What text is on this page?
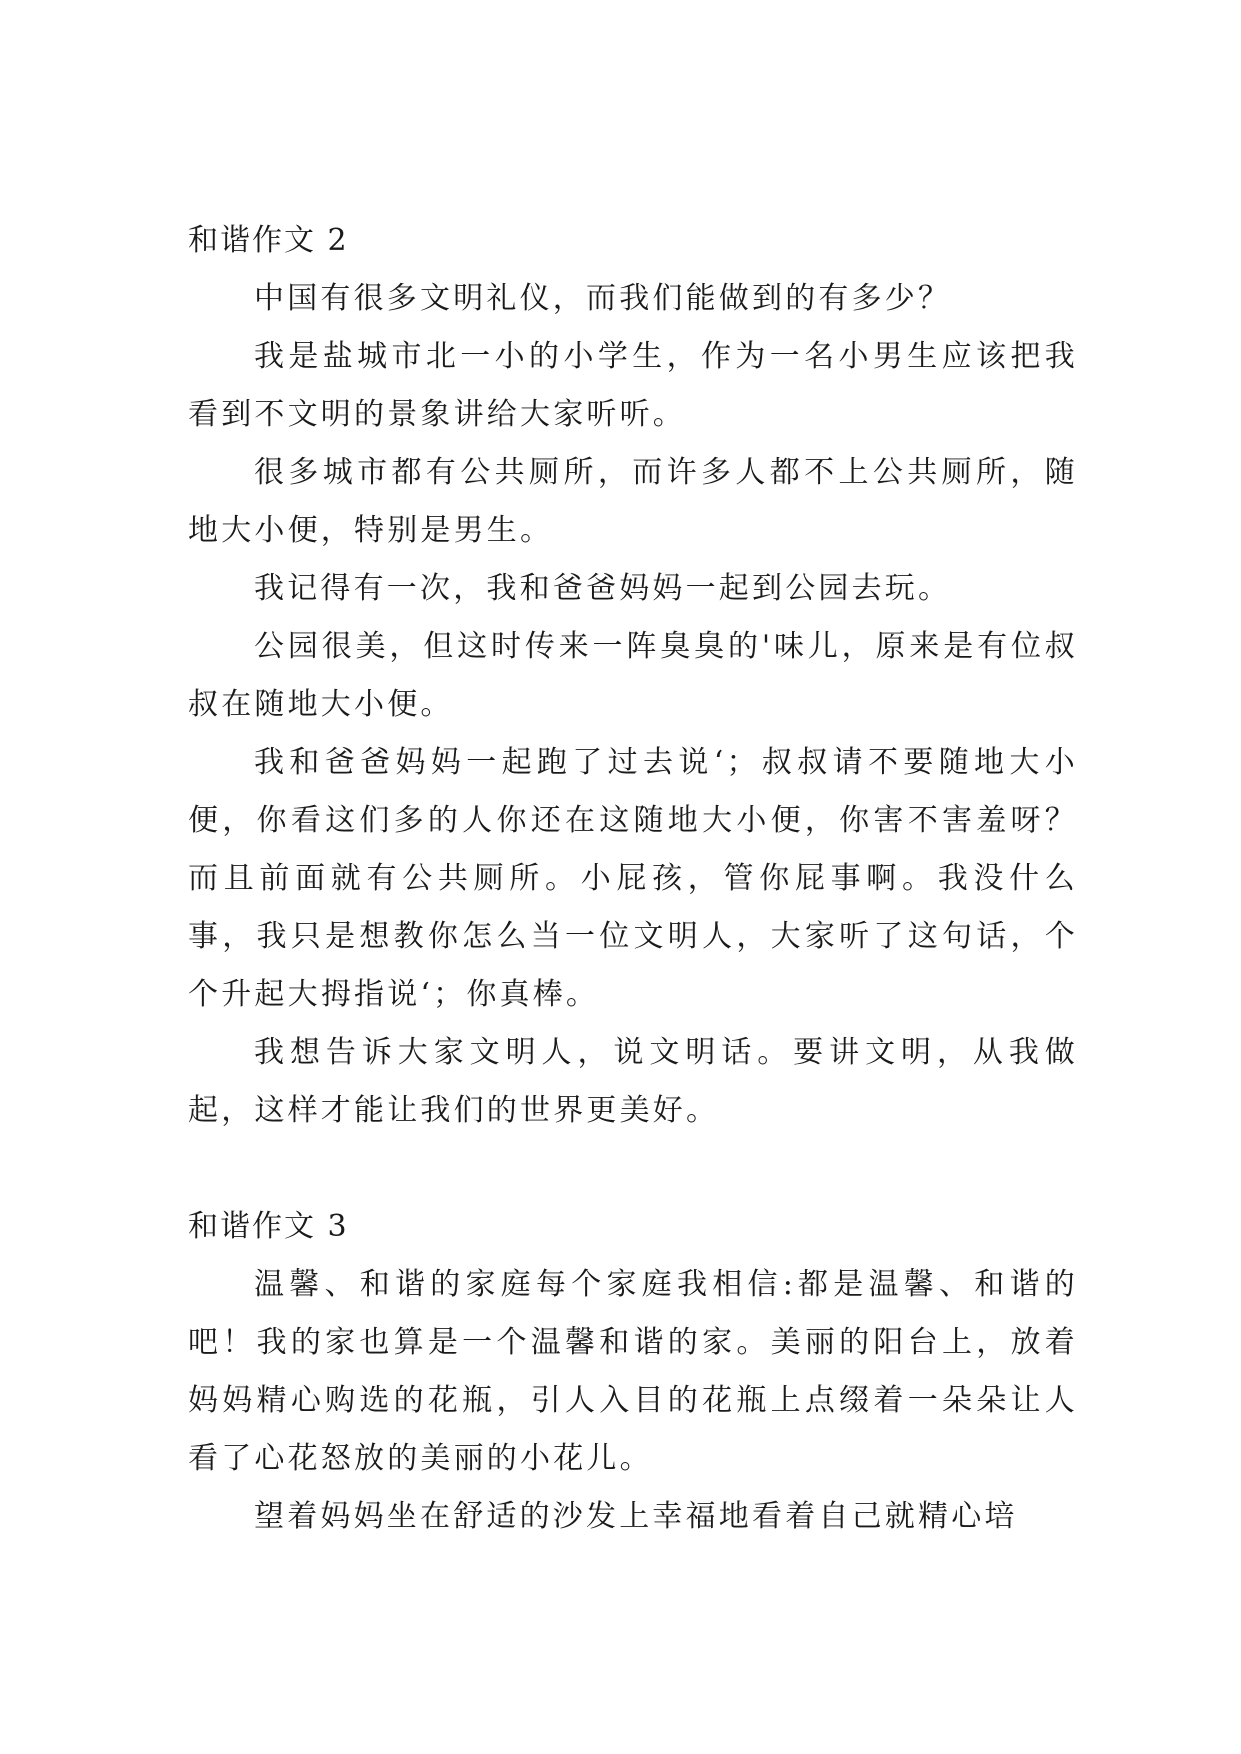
和谐作文 2

中国有很多文明礼仪，而我们能做到的有多少？

我是盐城市北一小的小学生，作为一名小男生应该把我看到不文明的景象讲给大家听听。

很多城市都有公共厕所，而许多人都不上公共厕所，随地大小便，特别是男生。

我记得有一次，我和爸爸妈妈一起到公园去玩。

公园很美，但这时传来一阵臭臭的'味儿，原来是有位叔叔在随地大小便。

我和爸爸妈妈一起跑了过去说‘；叔叔请不要随地大小便，你看这们多的人你还在这随地大小便，你害不害羞呀？而且前面就有公共厕所。小屁孩，管你屁事啊。我没什么事，我只是想教你怎么当一位文明人，大家听了这句话，个个升起大拇指说‘；你真棒。

我想告诉大家文明人，说文明话。要讲文明，从我做起，这样才能让我们的世界更美好。

和谐作文 3

温馨、和谐的家庭每个家庭我相信:都是温馨、和谐的吧！我的家也算是一个温馨和谐的家。美丽的阳台上，放着妈妈精心购选的花瓶，引人入目的花瓶上点缀着一朵朵让人看了心花怒放的美丽的小花儿。

望着妈妈坐在舒适的沙发上幸福地看着自己就精心培
